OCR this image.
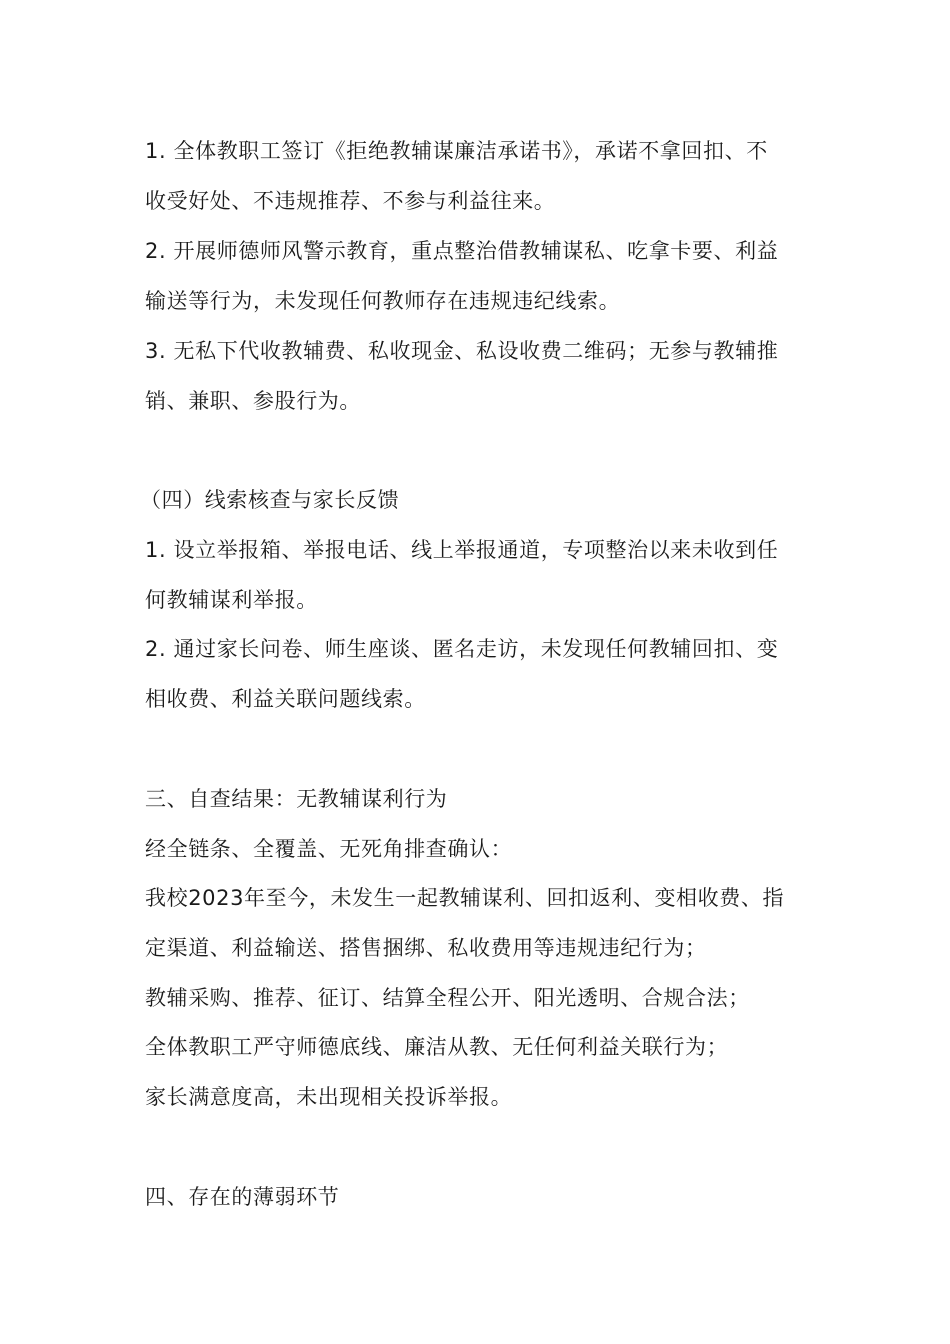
1. 全体教职工签订《拒绝教辅谋廉洁承诺书》，承诺不拿回扣、不

收受好处、不违规推荐、不参与利益往来。

2. 开展师德师风警示教育，重点整治借教辅谋私、吃拿卡要、利益

输送等行为，未发现任何教师存在违规违纪线索。

3. 无私下代收教辅费、私收现金、私设收费二维码；无参与教辅推

销、兼职、参股行为。

（四）线索核查与家长反馈

1. 设立举报箱、举报电话、线上举报通道，专项整治以来未收到任

何教辅谋利举报。

2. 通过家长问卷、师生座谈、匿名走访，未发现任何教辅回扣、变

相收费、利益关联问题线索。

三、自查结果：无教辅谋利行为

经全链条、全覆盖、无死角排查确认：

我校2023年至今，未发生一起教辅谋利、回扣返利、变相收费、指

定渠道、利益输送、搭售捆绑、私收费用等违规违纪行为；

教辅采购、推荐、征订、结算全程公开、阳光透明、合规合法；

全体教职工严守师德底线、廉洁从教、无任何利益关联行为；

家长满意度高，未出现相关投诉举报。

四、存在的薄弱环节
